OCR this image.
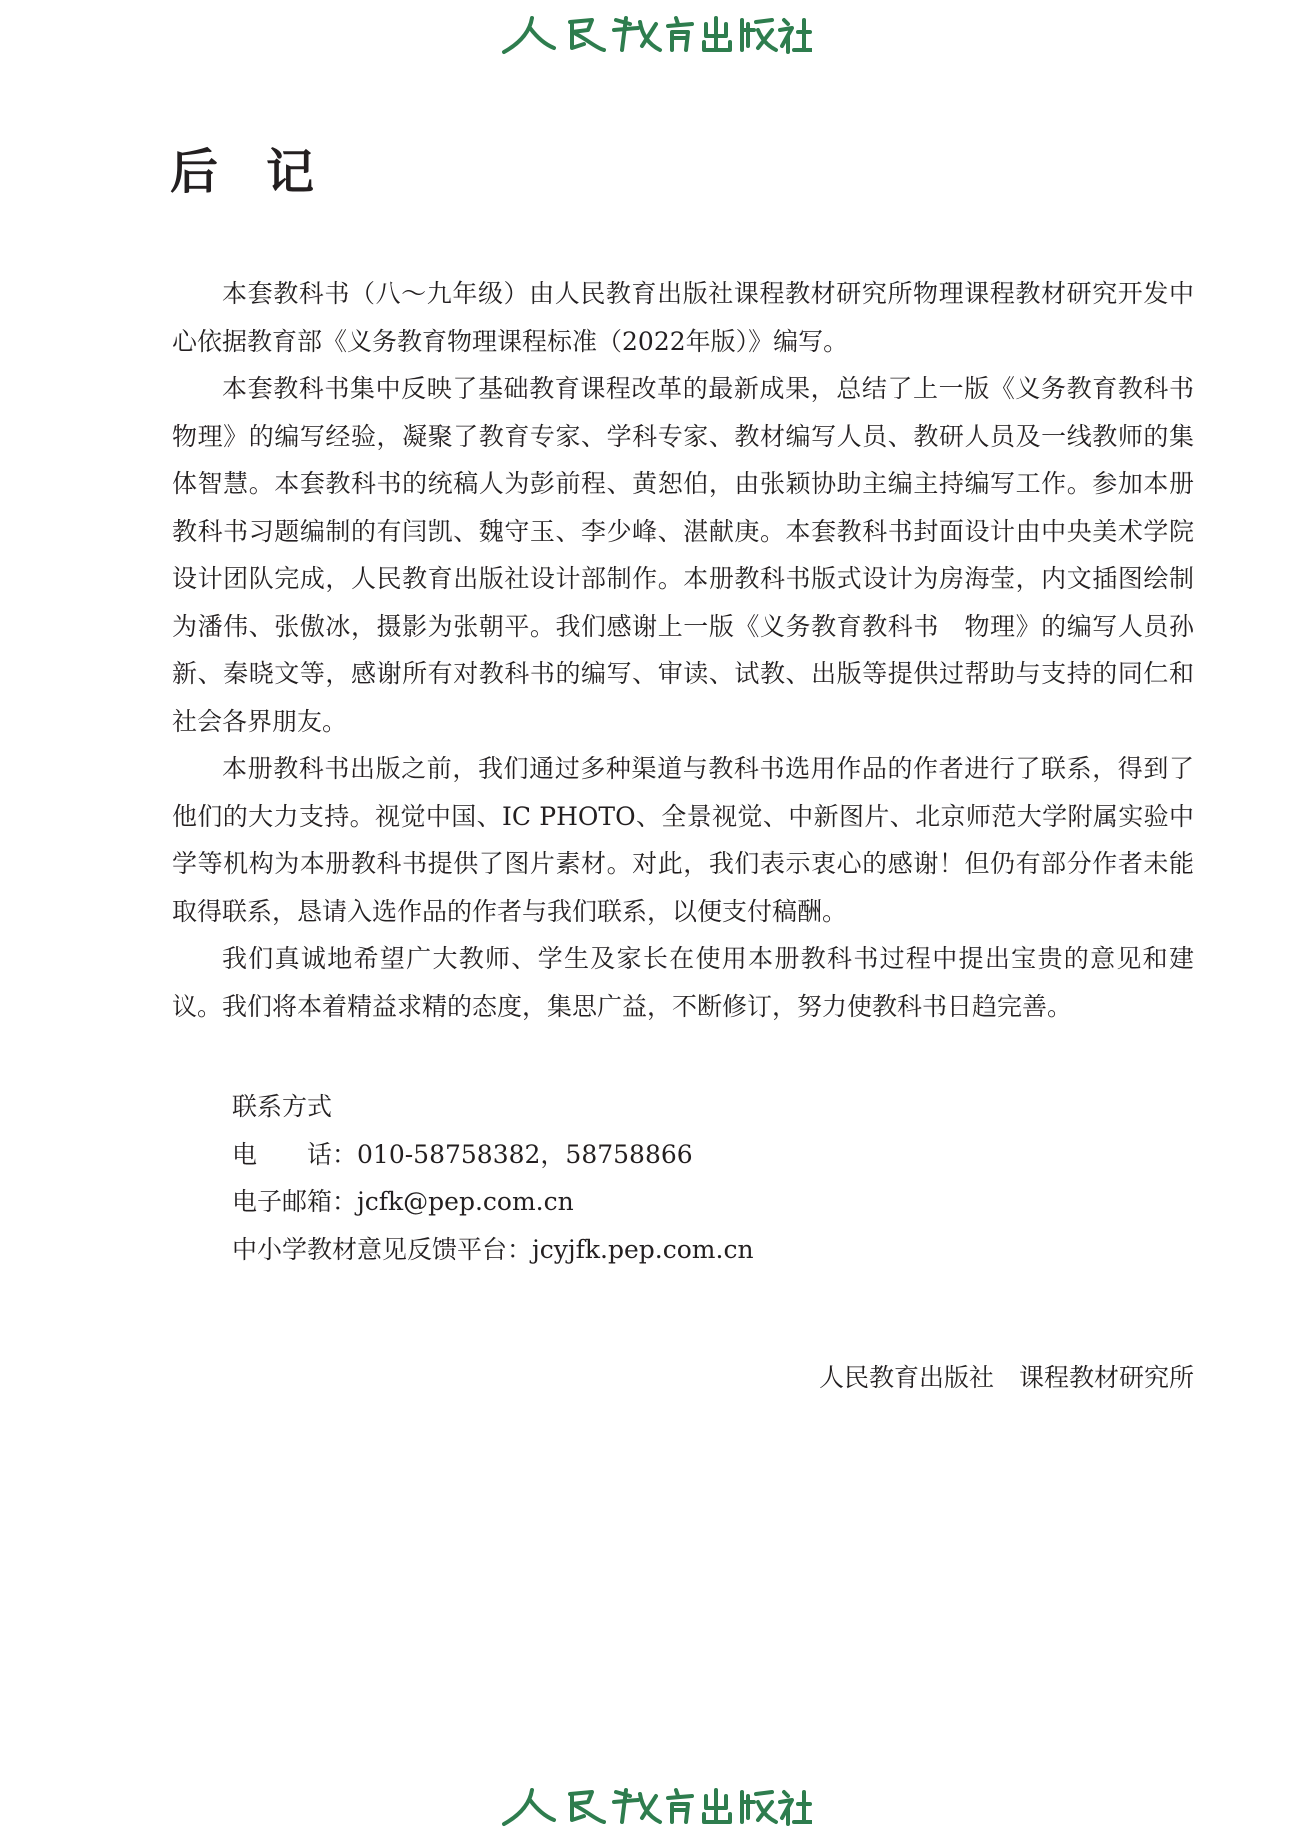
后 记

本套教科书（八～九年级）由人民教育出版社课程教材研究所物理课程教材研究开发中心依据教育部《义务教育物理课程标准（2022年版）》编写。

本套教科书集中反映了基础教育课程改革的最新成果，总结了上一版《义务教育教科书　物理》的编写经验，凝聚了教育专家、学科专家、教材编写人员、教研人员及一线教师的集体智慧。本套教科书的统稿人为彭前程、黄恕伯，由张颖协助主编主持编写工作。参加本册教科书习题编制的有闫凯、魏守玉、李少峰、湛献庚。本套教科书封面设计由中央美术学院设计团队完成，人民教育出版社设计部制作。本册教科书版式设计为房海莹，内文插图绘制为潘伟、张傲冰，摄影为张朝平。我们感谢上一版《义务教育教科书　物理》的编写人员孙新、秦晓文等，感谢所有对教科书的编写、审读、试教、出版等提供过帮助与支持的同仁和社会各界朋友。

本册教科书出版之前，我们通过多种渠道与教科书选用作品的作者进行了联系，得到了他们的大力支持。视觉中国、IC PHOTO、全景视觉、中新图片、北京师范大学附属实验中学等机构为本册教科书提供了图片素材。对此，我们表示衷心的感谢！但仍有部分作者未能取得联系，恳请入选作品的作者与我们联系，以便支付稿酬。

我们真诚地希望广大教师、学生及家长在使用本册教科书过程中提出宝贵的意见和建议。我们将本着精益求精的态度，集思广益，不断修订，努力使教科书日趋完善。

联系方式
电　　话：010-58758382，58758866
电子邮箱：jcfk@pep.com.cn
中小学教材意见反馈平台：jcyjfk.pep.com.cn
人民教育出版社 课程教材研究所
